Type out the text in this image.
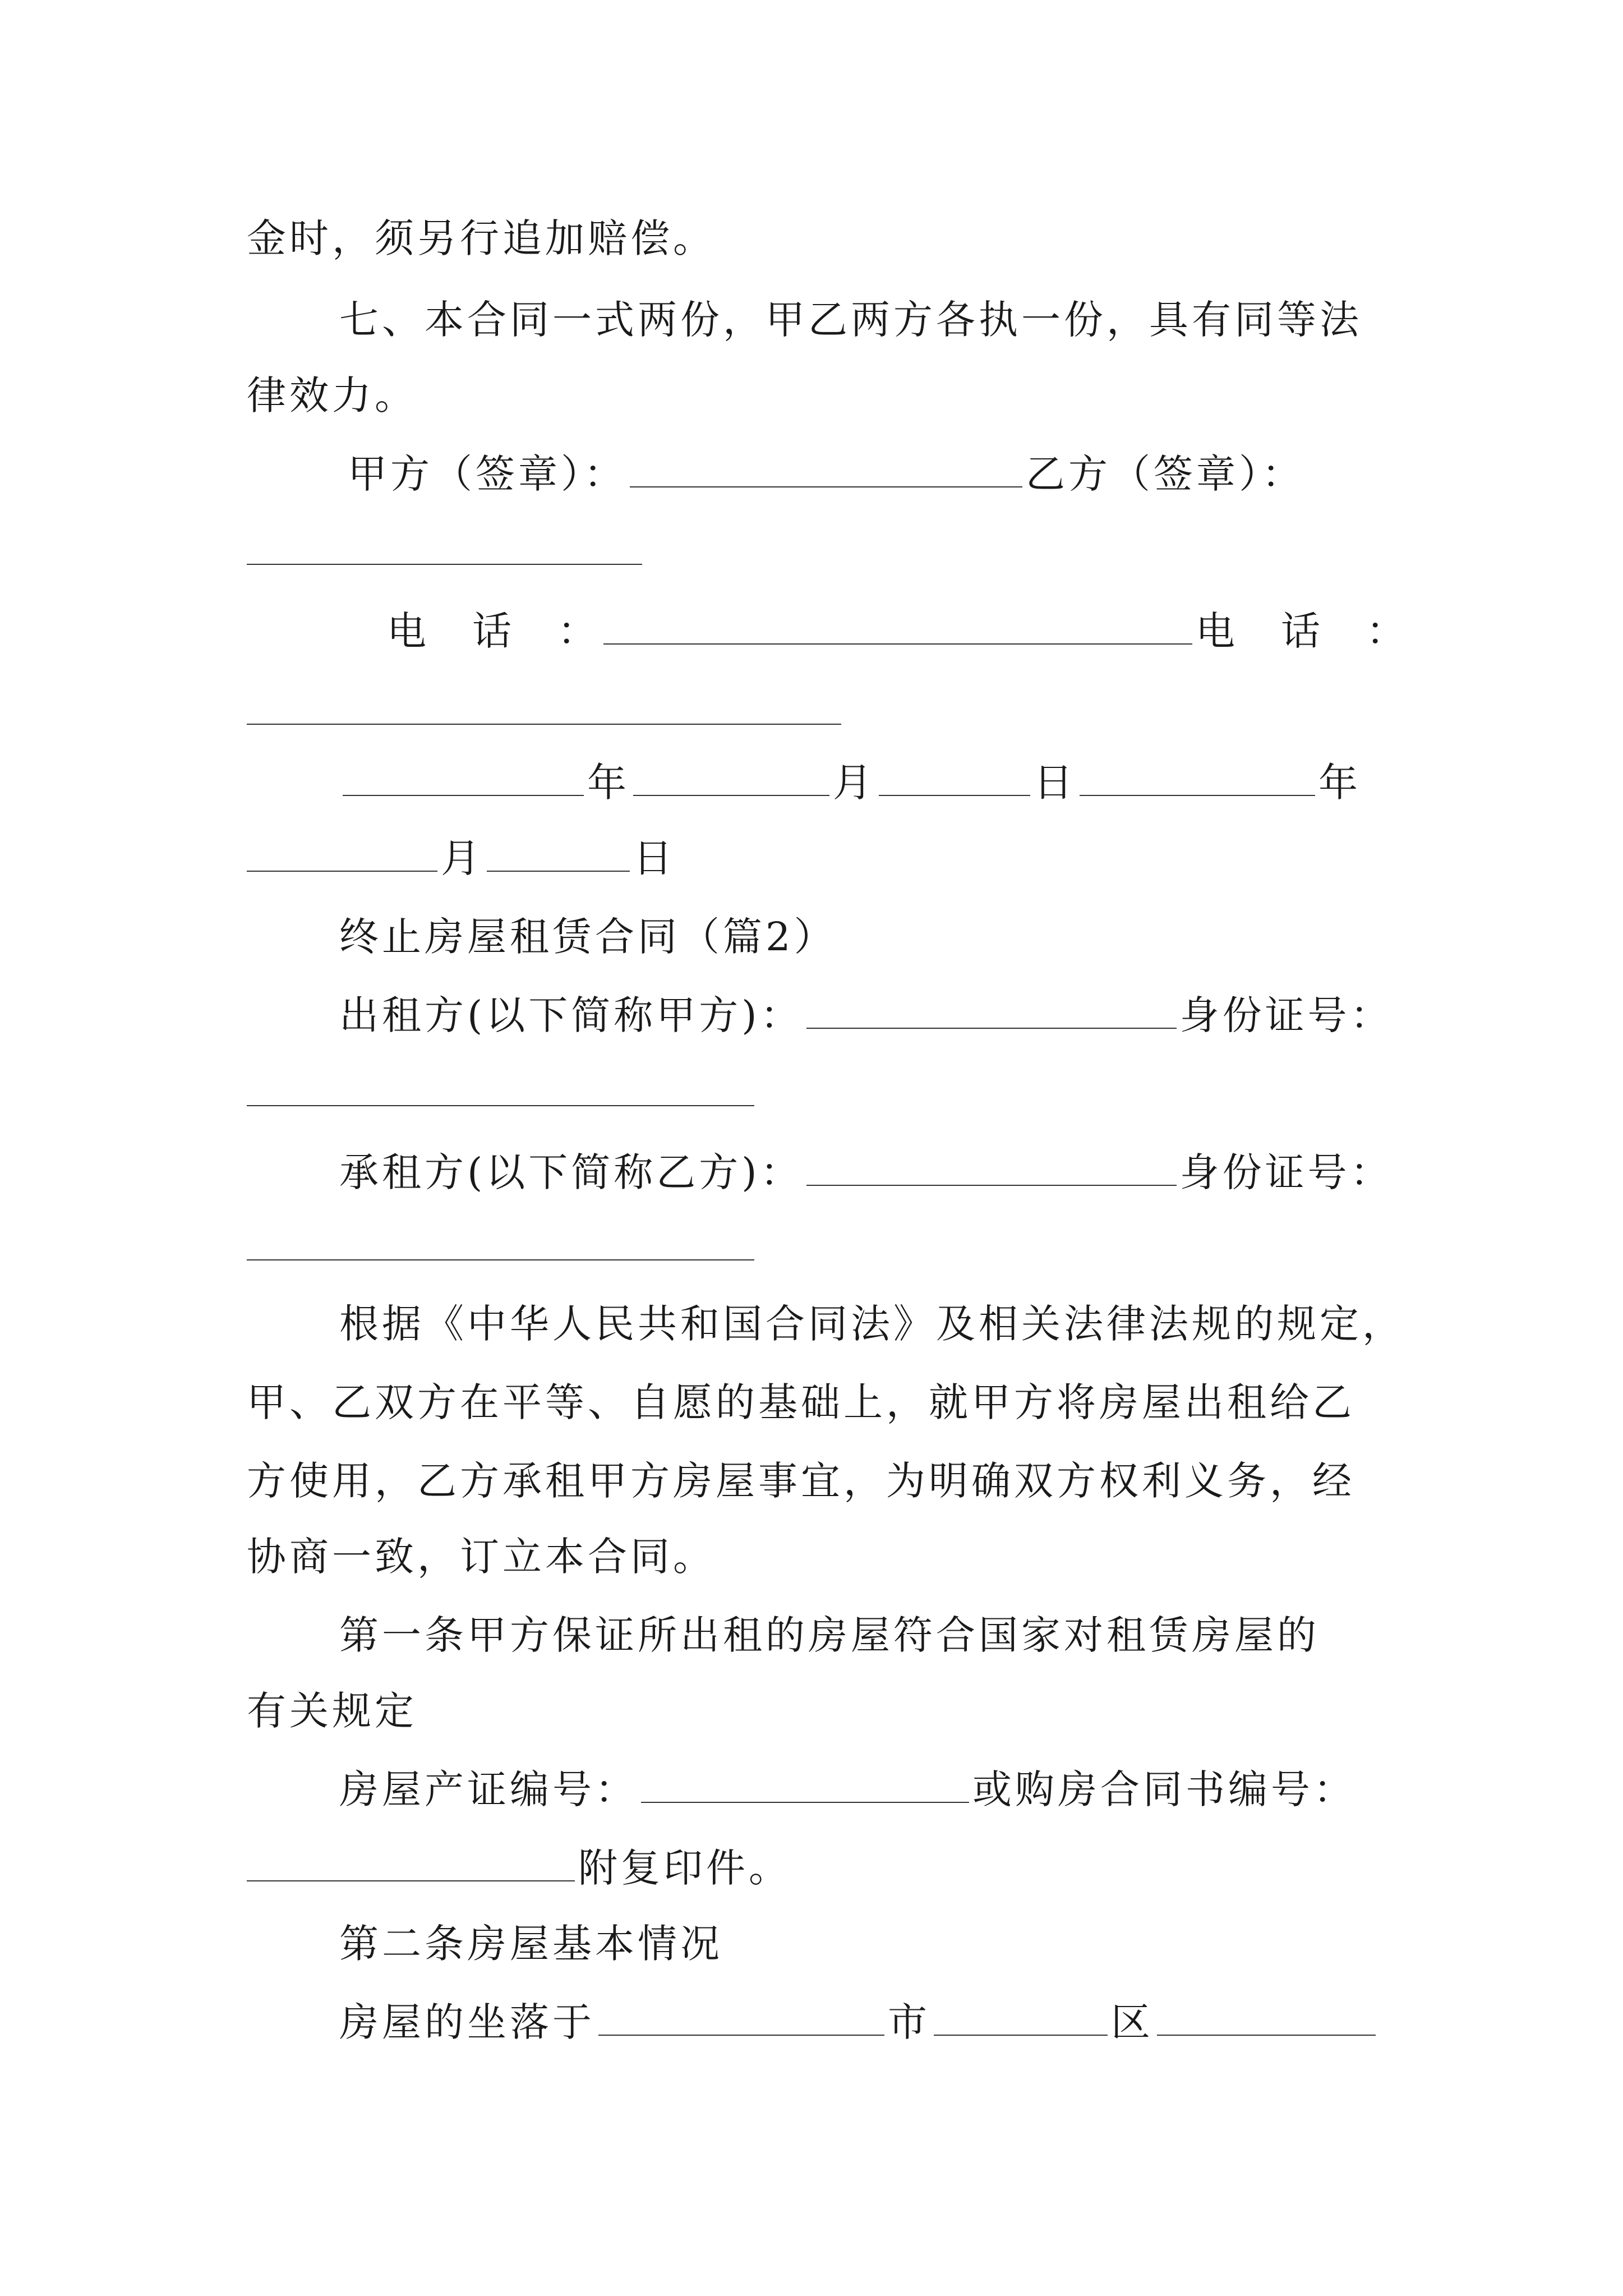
金时，须另行追加赔偿。
七、本合同一式两份，甲乙两方各执一份，具有同等法
律效力。
甲方（签章）：	乙方（签章）：
电　话　：	电　话　：
年	月	日	年
月	日
终止房屋租赁合同（篇2）
出租方(以下简称甲方)：	身份证号：
承租方(以下简称乙方)：	身份证号：
根据《中华人民共和国合同法》及相关法律法规的规定，
甲、乙双方在平等、自愿的基础上，就甲方将房屋出租给乙
方使用，乙方承租甲方房屋事宜，为明确双方权利义务，经
协商一致，订立本合同。
第一条甲方保证所出租的房屋符合国家对租赁房屋的
有关规定
房屋产证编号：	或购房合同书编号：
附复印件。
第二条房屋基本情况
房屋的坐落于	市	区
